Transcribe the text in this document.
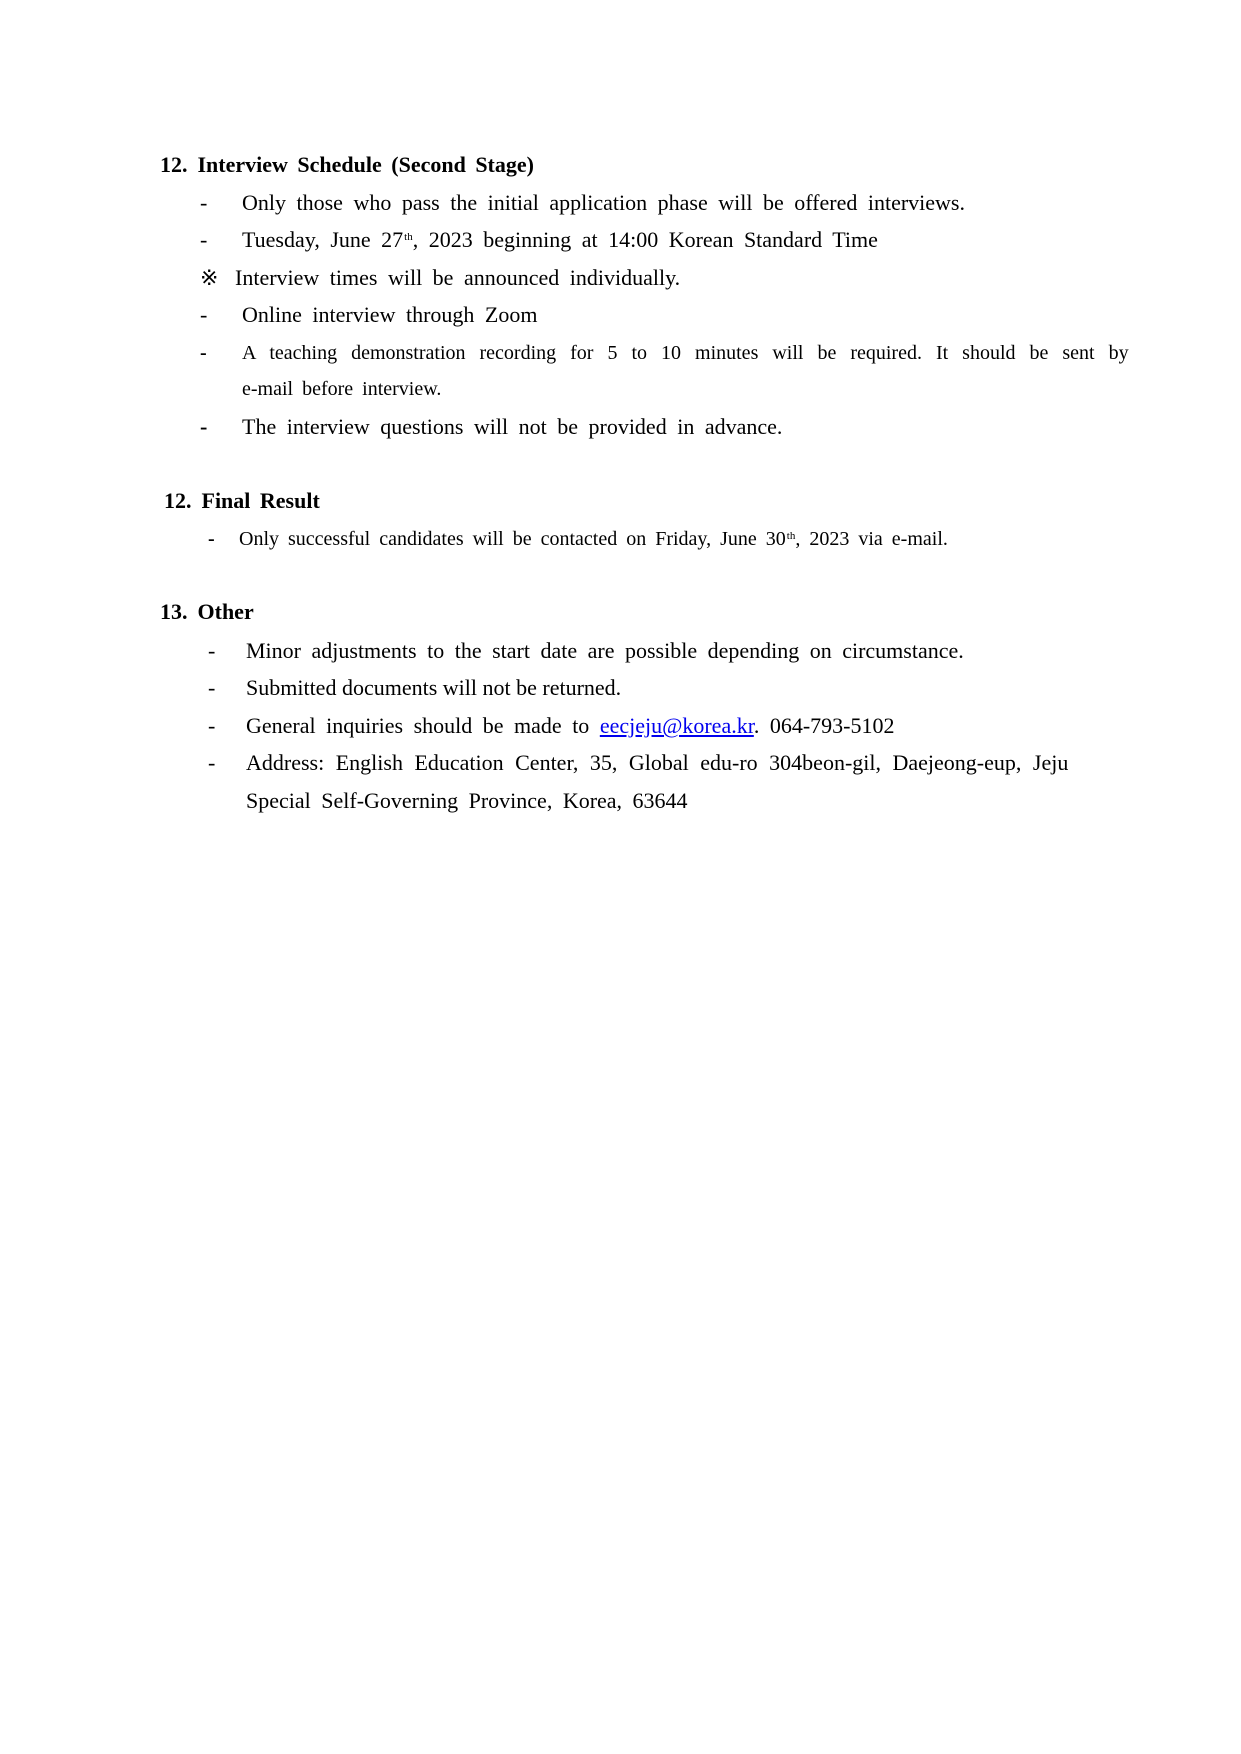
12. Interview Schedule (Second Stage)
- Only those who pass the initial application phase will be offered interviews.
- Tuesday, June 27th, 2023 beginning at 14:00 Korean Standard Time
※ Interview times will be announced individually.
- Online interview through Zoom
- A teaching demonstration recording for 5 to 10 minutes will be required. It should be sent by
e-mail before interview.
- The interview questions will not be provided in advance.
12. Final Result
- Only successful candidates will be contacted on Friday, June 30th, 2023 via e-mail.
13. Other
- Minor adjustments to the start date are possible depending on circumstance.
- Submitted documents will not be returned.
- General inquiries should be made to eecjeju@korea.kr. 064-793-5102
- Address: English Education Center, 35, Global edu-ro 304beon-gil, Daejeong-eup, Jeju
Special Self-Governing Province, Korea, 63644
